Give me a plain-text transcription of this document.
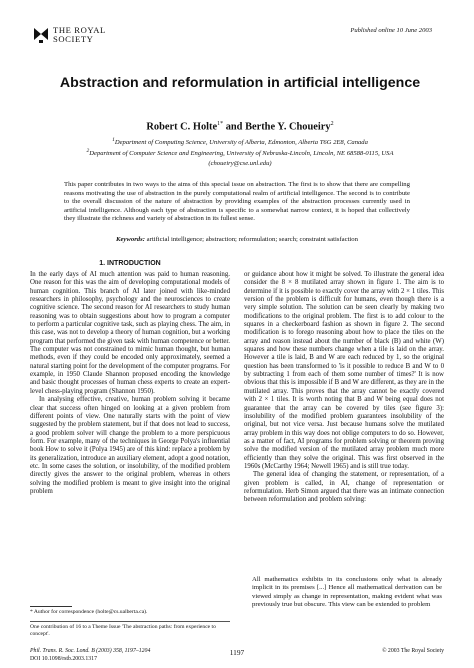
THE ROYAL
SOCIETY
Published online 10 June 2003
Abstraction and reformulation in artificial intelligence
Robert C. Holte$^{1*}$ and Berthe Y. Choueiry$^2$
$^1$Department of Computing Science, University of Alberta, Edmonton, Alberta T6G 2E8, Canada
$^2$Department of Computer Science and Engineering, University of Nebraska-Lincoln, Lincoln, NE 68588-0115, USA
(choueiry@cse.unl.edu)
This paper contributes in two ways to the aims of this special issue on abstraction. The first is to show that there are compelling reasons motivating the use of abstraction in the purely computational realm of artificial intelligence. The second is to contribute to the overall discussion of the nature of abstraction by providing examples of the abstraction processes currently used in artificial intelligence. Although each type of abstraction is specific to a somewhat narrow context, it is hoped that collectively they illustrate the richness and variety of abstraction in its fullest sense.
Keywords: artificial intelligence; abstraction; reformulation; search; constraint satisfaction
1. INTRODUCTION

In the early days of AI much attention was paid to human reasoning. One reason for this was the aim of developing computational models of human cognition. This branch of AI later joined with like-minded researchers in philosophy, psychology and the neurosciences to create cognitive science. The second reason for AI researchers to study human reasoning was to obtain suggestions about how to program a computer to perform a particular cognitive task, such as playing chess. The aim, in this case, was not to develop a theory of human cognition, but a working program that performed the given task with human competence or better. The computer was not constrained to mimic human thought, but human methods, even if they could be encoded only approximately, seemed a natural starting point for the development of the computer programs. For example, in 1950 Claude Shannon proposed encoding the knowledge and basic thought processes of human chess experts to create an expert-level chess-playing program (Shannon 1950).

In analysing effective, creative, human problem solving it became clear that success often hinged on looking at a given problem from different points of view. One naturally starts with the point of view suggested by the problem statement, but if that does not lead to success, a good problem solver will change the problem to a more perspicuous form. For example, many of the techniques in George Polya's influential book How to solve it (Polya 1945) are of this kind: replace a problem by its generalization, introduce an auxiliary element, adopt a good notation, etc. In some cases the solution, or insolubility, of the modified problem directly gives the answer to the original problem, whereas in others solving the modified problem is meant to give insight into the original problem

or guidance about how it might be solved. To illustrate the general idea consider the 8 × 8 mutilated array shown in figure 1. The aim is to determine if it is possible to exactly cover the array with 2 × 1 tiles. This version of the problem is difficult for humans, even though there is a very simple solution. The solution can be seen clearly by making two modifications to the original problem. The first is to add colour to the squares in a checkerboard fashion as shown in figure 2. The second modification is to forego reasoning about how to place the tiles on the array and reason instead about the number of black (B) and white (W) squares and how these numbers change when a tile is laid on the array. However a tile is laid, B and W are each reduced by 1, so the original question has been transformed to 'is it possible to reduce B and W to 0 by subtracting 1 from each of them some number of times?' It is now obvious that this is impossible if B and W are different, as they are in the mutilated array. This proves that the array cannot be exactly covered with 2 × 1 tiles. It is worth noting that B and W being equal does not guarantee that the array can be covered by tiles (see figure 3): insolubility of the modified problem guarantees insolubility of the original, but not vice versa. Just because humans solve the mutilated array problem in this way does not oblige computers to do so. However, as a matter of fact, AI programs for problem solving or theorem proving solve the modified version of the mutilated array problem much more efficiently than they solve the original. This was first observed in the 1960s (McCarthy 1964; Newell 1965) and is still true today.

The general idea of changing the statement, or representation, of a given problem is called, in AI, change of representation or reformulation. Herb Simon argued that there was an intimate connection between reformulation and problem solving:

All mathematics exhibits in its conclusions only what is already implicit in its premises [...] Hence all mathematical derivation can be viewed simply as change in representation, making evident what was previously true but obscure. This view can be extended to problem
* Author for correspondence (holte@cs.ualberta.ca).
One contribution of 16 to a Theme Issue 'The abstraction paths: from experience to concept'.
Phil. Trans. R. Soc. Lond. B (2003) 358, 1197–1204
DOI 10.1098/rstb.2003.1317
1197	© 2003 The Royal Society
